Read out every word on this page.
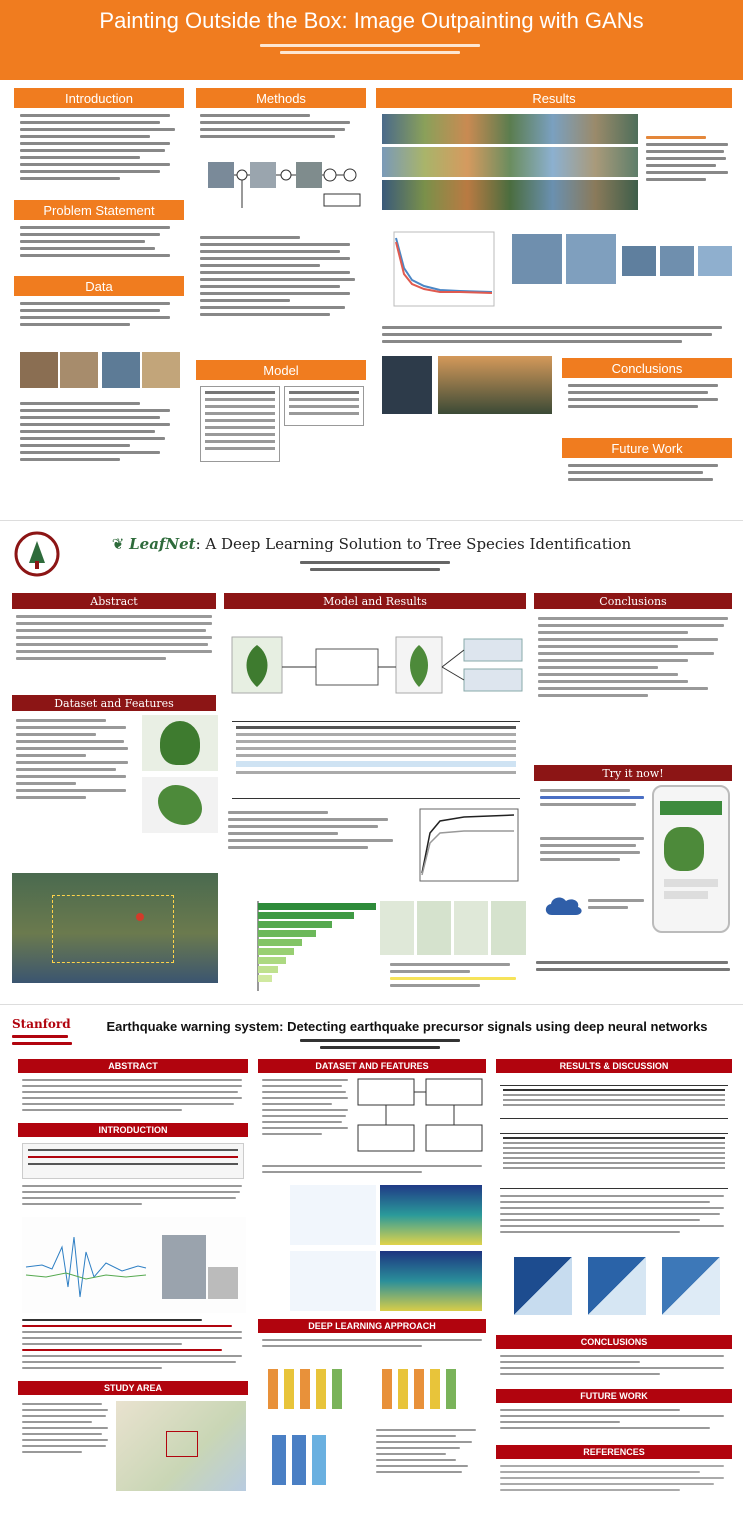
Painting Outside the Box: Image Outpainting with GANs
Introduction
Problem Statement
Data
Methods
Model
Results
Conclusions
Future Work
❦ LeafNet: A Deep Learning Solution to Tree Species Identification
Abstract
Dataset and Features
Model and Results	Conclusions
Try it now!
Stanford	Earthquake warning system: Detecting earthquake precursor signals using deep neural networks
ABSTRACT
INTRODUCTION
STUDY AREA
DATASET AND FEATURES
DEEP LEARNING APPROACH
RESULTS & DISCUSSION
CONCLUSIONS
FUTURE WORK
REFERENCES
